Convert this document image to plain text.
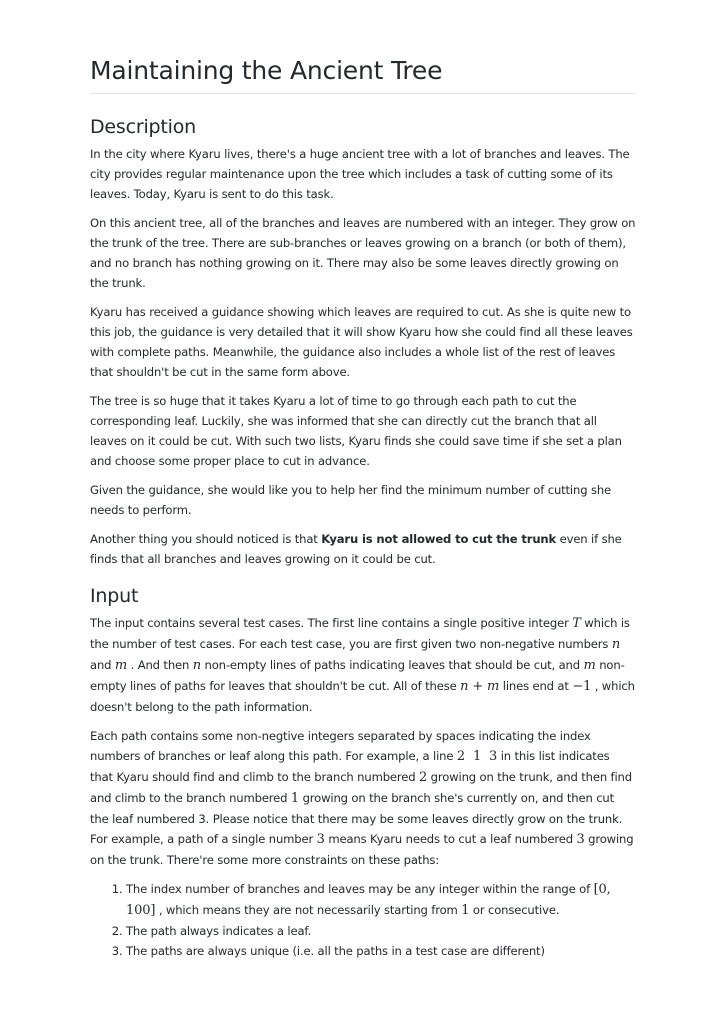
Maintaining the Ancient Tree
Description

In the city where Kyaru lives, there's a huge ancient tree with a lot of branches and leaves. The city provides regular maintenance upon the tree which includes a task of cutting some of its leaves. Today, Kyaru is sent to do this task.

On this ancient tree, all of the branches and leaves are numbered with an integer. They grow on the trunk of the tree. There are sub-branches or leaves growing on a branch (or both of them), and no branch has nothing growing on it. There may also be some leaves directly growing on the trunk.

Kyaru has received a guidance showing which leaves are required to cut. As she is quite new to this job, the guidance is very detailed that it will show Kyaru how she could find all these leaves with complete paths. Meanwhile, the guidance also includes a whole list of the rest of leaves that shouldn't be cut in the same form above.

The tree is so huge that it takes Kyaru a lot of time to go through each path to cut the corresponding leaf. Luckily, she was informed that she can directly cut the branch that all leaves on it could be cut. With such two lists, Kyaru finds she could save time if she set a plan and choose some proper place to cut in advance.

Given the guidance, she would like you to help her find the minimum number of cutting she needs to perform.

Another thing you should noticed is that Kyaru is not allowed to cut the trunk even if she finds that all branches and leaves growing on it could be cut.

Input

The input contains several test cases. The first line contains a single positive integer T which is the number of test cases. For each test case, you are first given two non-negative numbers n and m . And then n non-empty lines of paths indicating leaves that should be cut, and m non-empty lines of paths for leaves that shouldn't be cut. All of these n + m lines end at −1 , which doesn't belong to the path information.

Each path contains some non-negtive integers separated by spaces indicating the index numbers of branches or leaf along this path. For example, a line 2  1  3 in this list indicates that Kyaru should find and climb to the branch numbered 2 growing on the trunk, and then find and climb to the branch numbered 1 growing on the branch she's currently on, and then cut the leaf numbered 3. Please notice that there may be some leaves directly grow on the trunk. For example, a path of a single number 3 means Kyaru needs to cut a leaf numbered 3 growing on the trunk. There're some more constraints on these paths:

1. The index number of branches and leaves may be any integer within the range of [0, 100] , which means they are not necessarily starting from 1 or consecutive.
2. The path always indicates a leaf.
3. The paths are always unique (i.e. all the paths in a test case are different)
